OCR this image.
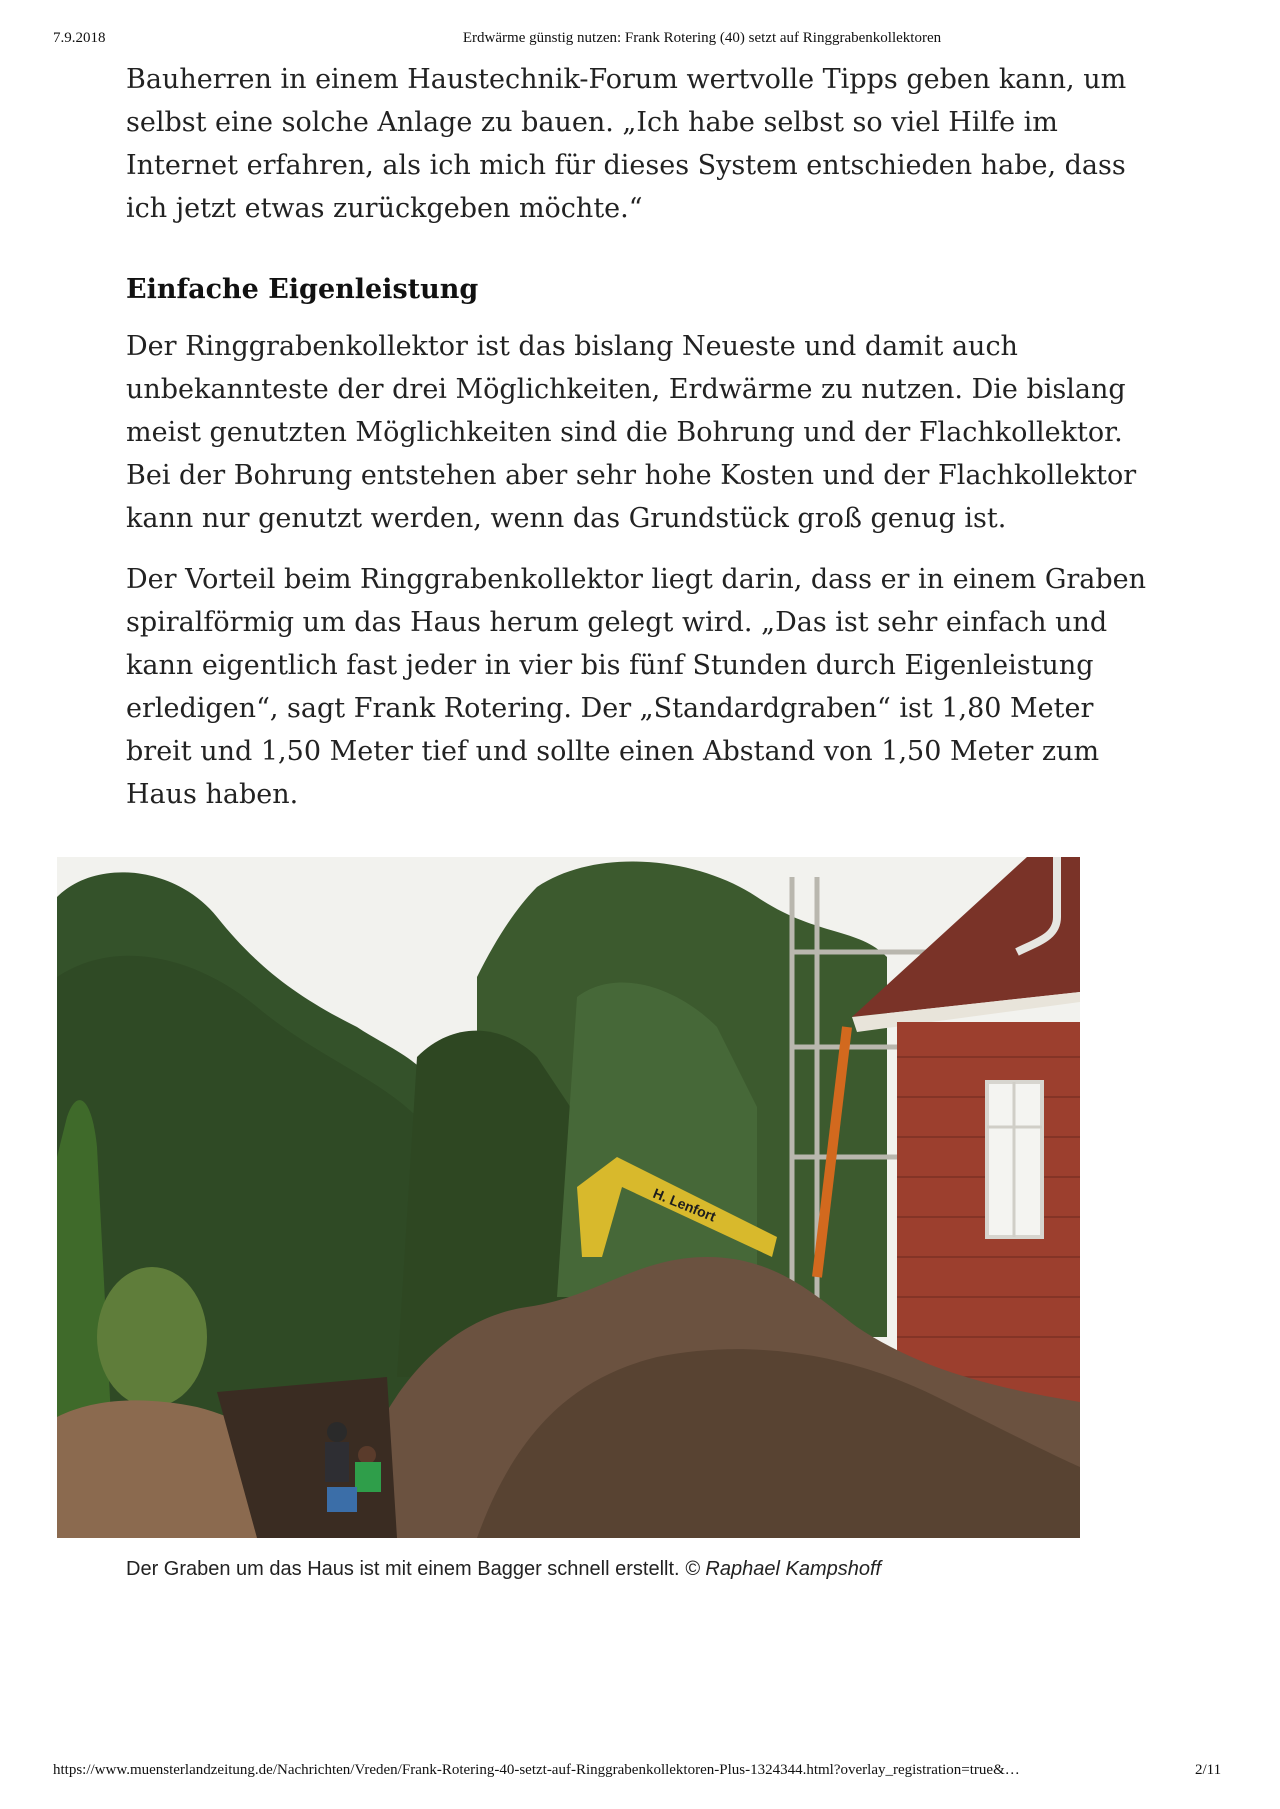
7.9.2018	Erdwärme günstig nutzen: Frank Rotering (40) setzt auf Ringgrabenkollektoren

Bauherren in einem Haustechnik-Forum wertvolle Tipps geben kann, um selbst eine solche Anlage zu bauen. „Ich habe selbst so viel Hilfe im Internet erfahren, als ich mich für dieses System entschieden habe, dass ich jetzt etwas zurückgeben möchte.“

Einfache Eigenleistung

Der Ringgrabenkollektor ist das bislang Neueste und damit auch unbekannteste der drei Möglichkeiten, Erdwärme zu nutzen. Die bislang meist genutzten Möglichkeiten sind die Bohrung und der Flachkollektor. Bei der Bohrung entstehen aber sehr hohe Kosten und der Flachkollektor kann nur genutzt werden, wenn das Grundstück groß genug ist.

Der Vorteil beim Ringgrabenkollektor liegt darin, dass er in einem Graben spiralförmig um das Haus herum gelegt wird. „Das ist sehr einfach und kann eigentlich fast jeder in vier bis fünf Stunden durch Eigenleistung erledigen“, sagt Frank Rotering. Der „Standardgraben“ ist 1,80 Meter breit und 1,50 Meter tief und sollte einen Abstand von 1,50 Meter zum Haus haben.

H. Lenfort
Der Graben um das Haus ist mit einem Bagger schnell erstellt. © Raphael Kampshoff
https://www.muensterlandzeitung.de/Nachrichten/Vreden/Frank-Rotering-40-setzt-auf-Ringgrabenkollektoren-Plus-1324344.html?overlay_registration=true&…	2/11
